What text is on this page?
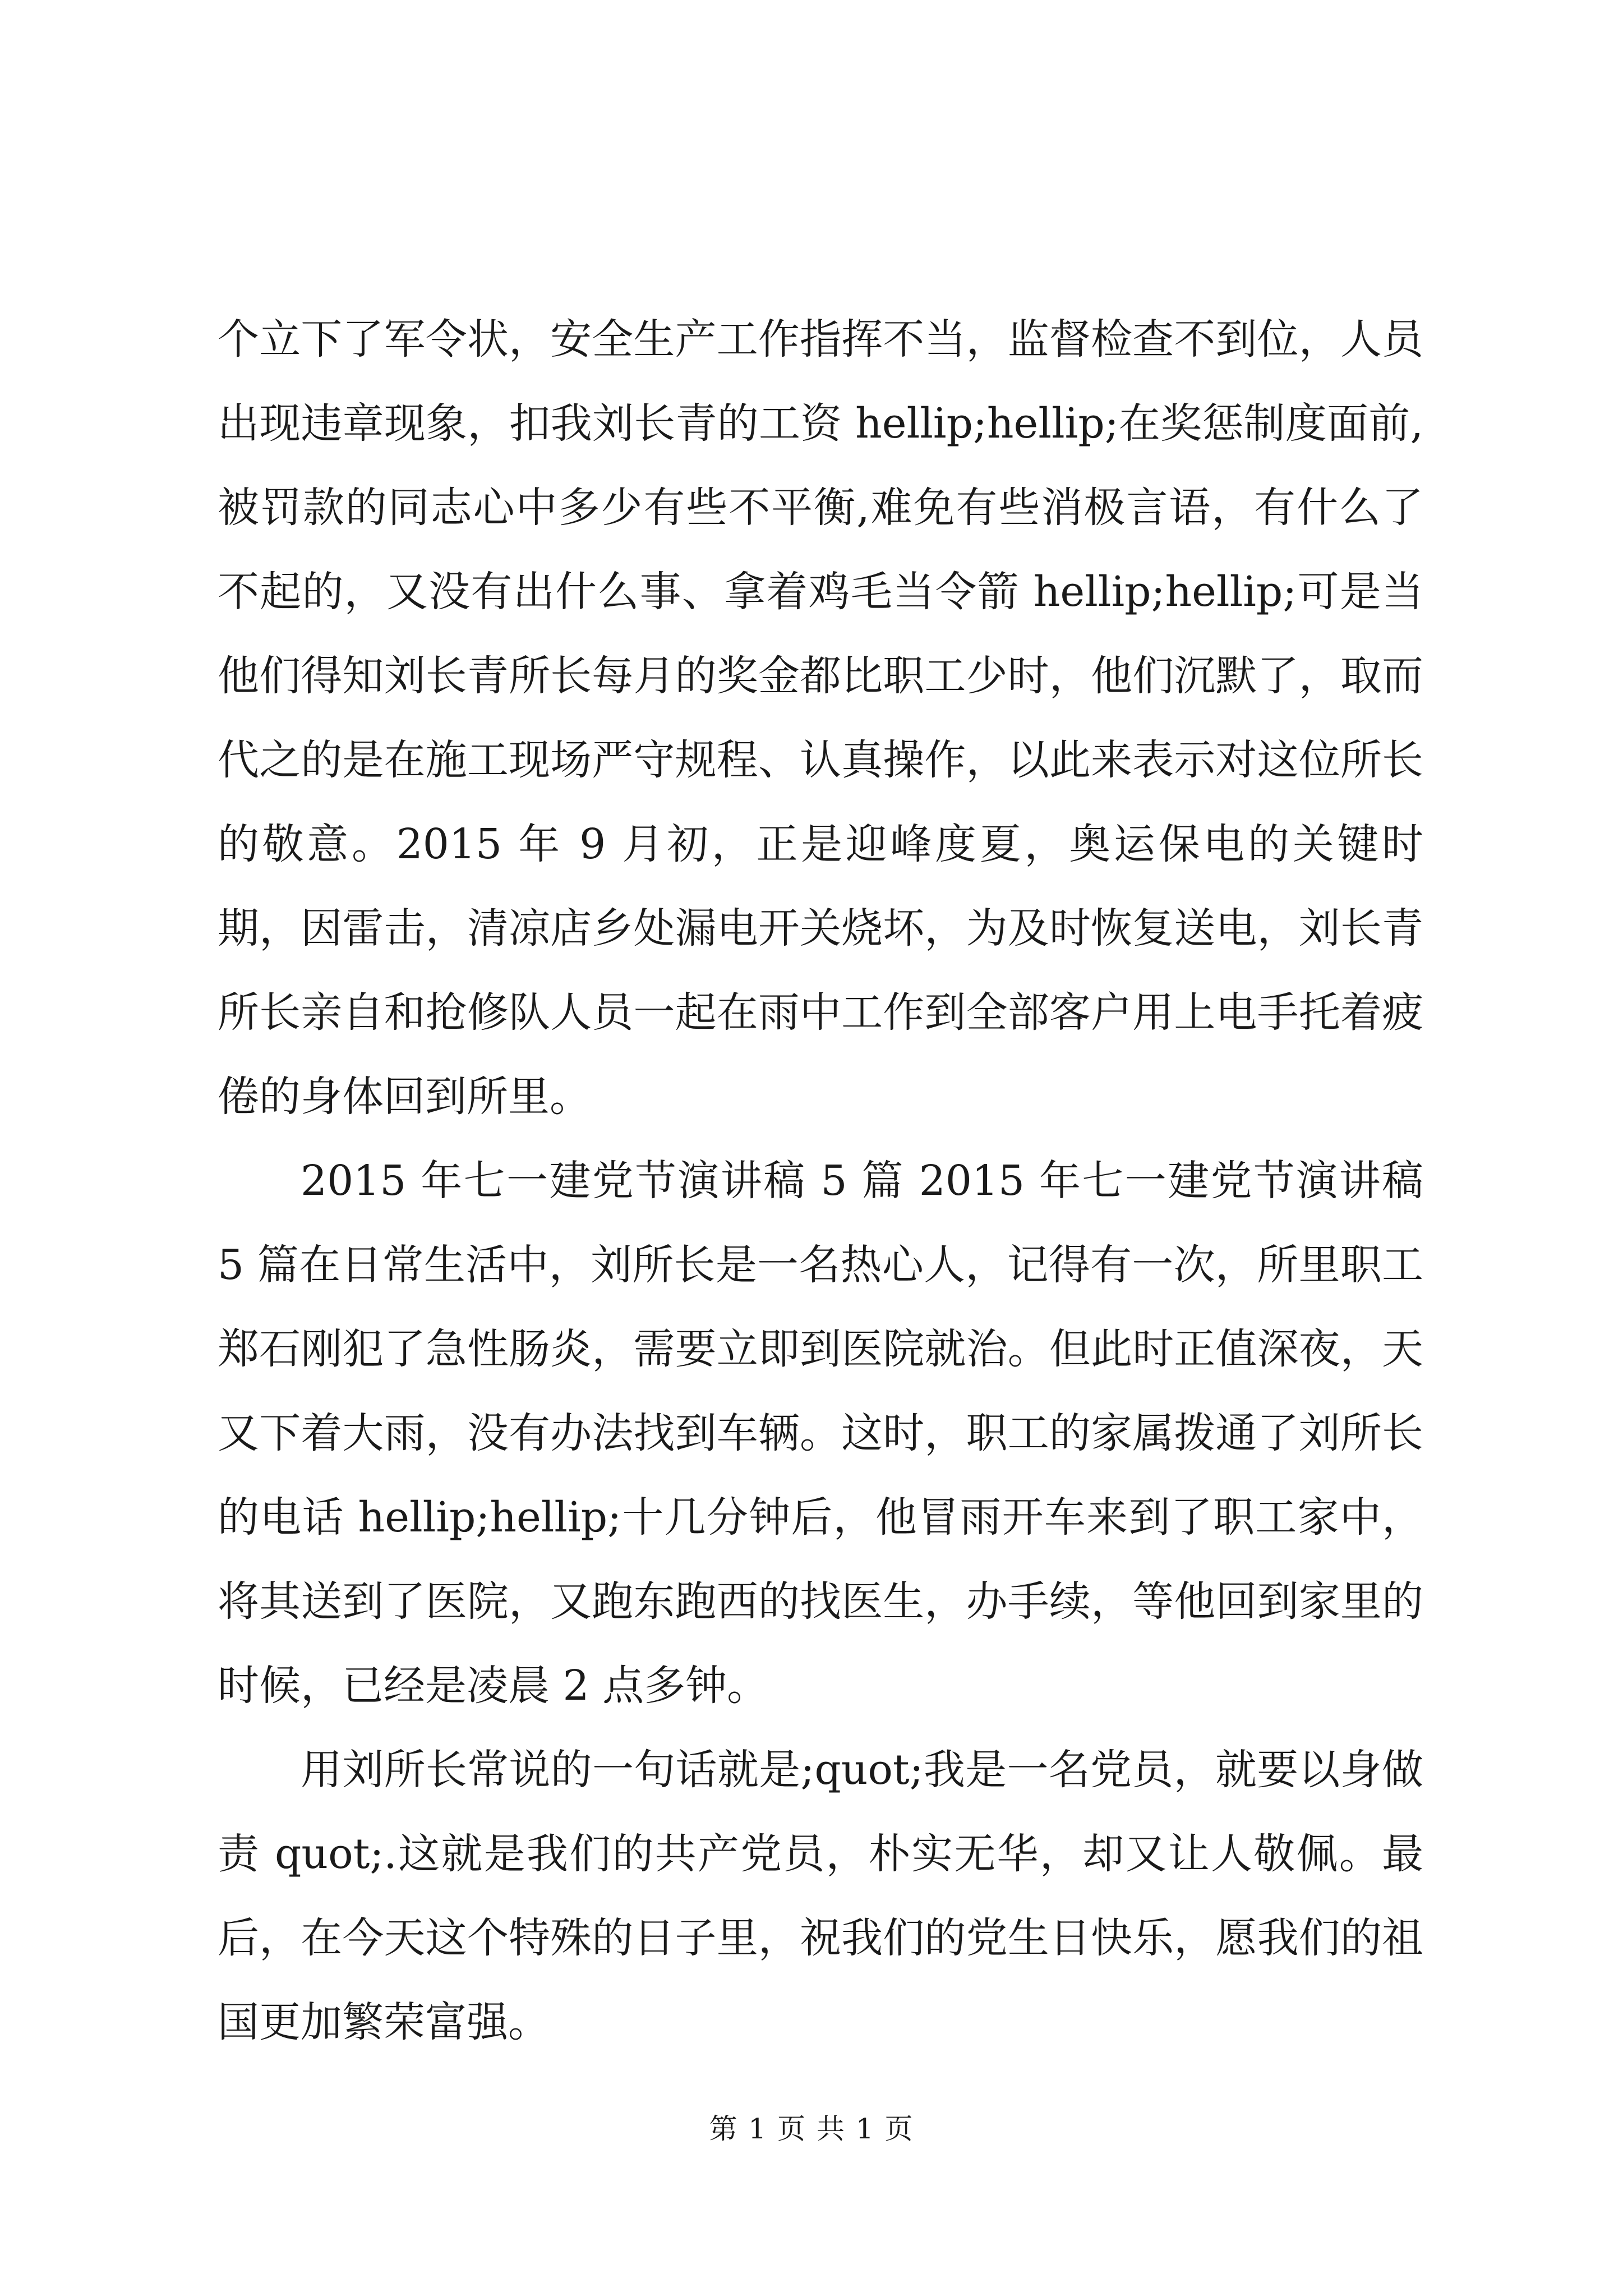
个立下了军令状，安全生产工作指挥不当，监督检查不到位，人员出现违章现象，扣我刘长青的工资 hellip;hellip;在奖惩制度面前,被罚款的同志心中多少有些不平衡,难免有些消极言语，有什么了不起的，又没有出什么事、拿着鸡毛当令箭 hellip;hellip;可是当他们得知刘长青所长每月的奖金都比职工少时，他们沉默了，取而代之的是在施工现场严守规程、认真操作，以此来表示对这位所长的敬意。2015 年 9 月初，正是迎峰度夏，奥运保电的关键时期，因雷击，清凉店乡处漏电开关烧坏，为及时恢复送电，刘长青所长亲自和抢修队人员一起在雨中工作到全部客户用上电手托着疲倦的身体回到所里。

2015 年七一建党节演讲稿 5 篇 2015 年七一建党节演讲稿 5 篇在日常生活中，刘所长是一名热心人，记得有一次，所里职工郑石刚犯了急性肠炎，需要立即到医院就治。但此时正值深夜，天又下着大雨，没有办法找到车辆。这时，职工的家属拨通了刘所长的电话 hellip;hellip;十几分钟后，他冒雨开车来到了职工家中，将其送到了医院，又跑东跑西的找医生，办手续，等他回到家里的时候，已经是凌晨 2 点多钟。

用刘所长常说的一句话就是;quot;我是一名党员，就要以身做责 quot;.这就是我们的共产党员，朴实无华，却又让人敬佩。最后，在今天这个特殊的日子里，祝我们的党生日快乐，愿我们的祖国更加繁荣富强。

第 1 页 共 1 页
